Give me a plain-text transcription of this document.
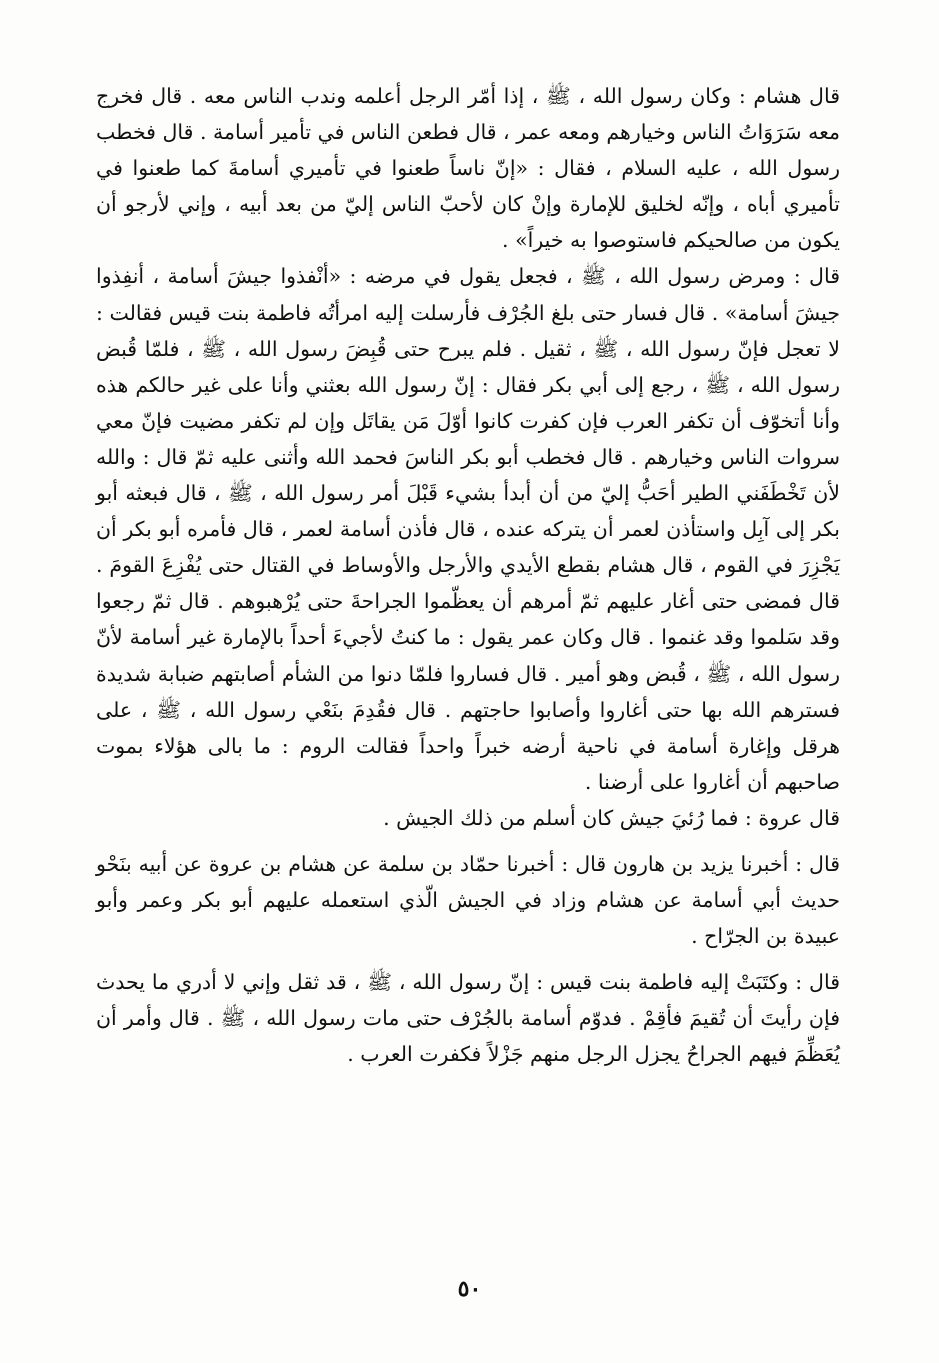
قال هشام : وكان رسول الله ، ﷺ ، إذا أمّر الرجل أعلمه وندب الناس معه . قال فخرج معه سَرَوَاتُ الناس وخيارهم ومعه عمر ، قال فطعن الناس في تأمير أسامة . قال فخطب رسول الله ، عليه السلام ، فقال : «إنّ ناساً طعنوا في تأميري أسامةَ كما طعنوا في تأميري أباه ، وإنّه لخليق للإمارة وإنْ كان لأحبّ الناس إليّ من بعد أبيه ، وإني لأرجو أن يكون من صالحيكم فاستوصوا به خيراً» .

قال : ومرض رسول الله ، ﷺ ، فجعل يقول في مرضه : «أنْفذوا جيشَ أسامة ، أنفِذوا جيشَ أسامة» . قال فسار حتى بلغ الجُرْف فأرسلت إليه امرأتُه فاطمة بنت قيس فقالت : لا تعجل فإنّ رسول الله ، ﷺ ، ثقيل . فلم يبرح حتى قُبِضَ رسول الله ، ﷺ ، فلمّا قُبض رسول الله ، ﷺ ، رجع إلى أبي بكر فقال : إنّ رسول الله بعثني وأنا على غير حالكم هذه وأنا أتخوّف أن تكفر العرب فإن كفرت كانوا أوّلَ مَن يقاتَل وإن لم تكفر مضيت فإنّ معي سروات الناس وخيارهم . قال فخطب أبو بكر الناسَ فحمد الله وأثنى عليه ثمّ قال : والله لأن تَخْطَفَني الطير أحَبُّ إليّ من أن أبدأ بشيء قَبْلَ أمر رسول الله ، ﷺ ، قال فبعثه أبو بكر إلى آبِل واستأذن لعمر أن يتركه عنده ، قال فأذن أسامة لعمر ، قال فأمره أبو بكر أن يَجْزِرَ في القوم ، قال هشام بقطع الأيدي والأرجل والأوساط في القتال حتى يُفْزِعَ القومَ . قال فمضى حتى أغار عليهم ثمّ أمرهم أن يعظّموا الجراحةَ حتى يُرْهبوهم . قال ثمّ رجعوا وقد سَلموا وقد غنموا . قال وكان عمر يقول : ما كنتُ لأجيءَ أحداً بالإمارة غير أسامة لأنّ رسول الله ، ﷺ ، قُبض وهو أمير . قال فساروا فلمّا دنوا من الشأم أصابتهم ضبابة شديدة فسترهم الله بها حتى أغاروا وأصابوا حاجتهم . قال فقُدِمَ بنَعْي رسول الله ، ﷺ ، على هرقل وإغارة أسامة في ناحية أرضه خبراً واحداً فقالت الروم : ما بالى هؤلاء بموت صاحبهم أن أغاروا على أرضنا .

قال عروة : فما رُئيَ جيش كان أسلم من ذلك الجيش .

قال : أخبرنا يزيد بن هارون قال : أخبرنا حمّاد بن سلمة عن هشام بن عروة عن أبيه بنَحْو حديث أبي أسامة عن هشام وزاد في الجيش الّذي استعمله عليهم أبو بكر وعمر وأبو عبيدة بن الجرّاح .

قال : وكتَبَتْ إليه فاطمة بنت قيس : إنّ رسول الله ، ﷺ ، قد ثقل وإني لا أدري ما يحدث فإن رأيتَ أن تُقيمَ فأقِمْ . فدوّم أسامة بالجُرْف حتى مات رسول الله ، ﷺ . قال وأمر أن يُعَظِّمَ فيهم الجراحُ يجزل الرجل منهم جَزْلاً فكفرت العرب .

٥٠
